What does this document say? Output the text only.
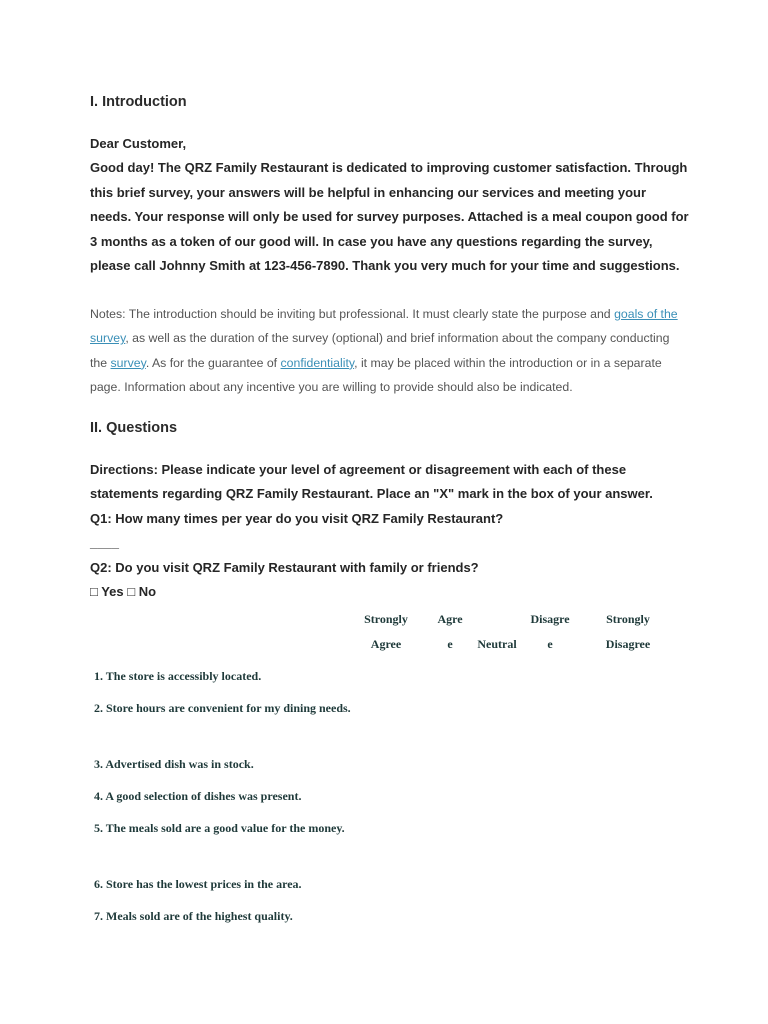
I. Introduction

Dear Customer,

Good day! The QRZ Family Restaurant is dedicated to improving customer satisfaction. Through this brief survey, your answers will be helpful in enhancing our services and meeting your needs. Your response will only be used for survey purposes. Attached is a meal coupon good for 3 months as a token of our good will. In case you have any questions regarding the survey, please call Johnny Smith at 123-456-7890. Thank you very much for your time and suggestions.

Notes: The introduction should be inviting but professional. It must clearly state the purpose and goals of the survey, as well as the duration of the survey (optional) and brief information about the company conducting the survey. As for the guarantee of confidentiality, it may be placed within the introduction or in a separate page. Information about any incentive you are willing to provide should also be indicated.
II. Questions

Directions: Please indicate your level of agreement or disagreement with each of these statements regarding QRZ Family Restaurant. Place an "X" mark in the box of your answer.

Q1: How many times per year do you visit QRZ Family Restaurant?

____

Q2: Do you visit QRZ Family Restaurant with family or friends?

□ Yes □ No

Strongly
Agree
Agre
e
	Neutral
Disagre
e
Strongly
Disagree

1. The store is accessibly located.

2. Store hours are convenient for my dining needs.

3. Advertised dish was in stock.

4. A good selection of dishes was present.

5. The meals sold are a good value for the money.

6. Store has the lowest prices in the area.

7. Meals sold are of the highest quality.
